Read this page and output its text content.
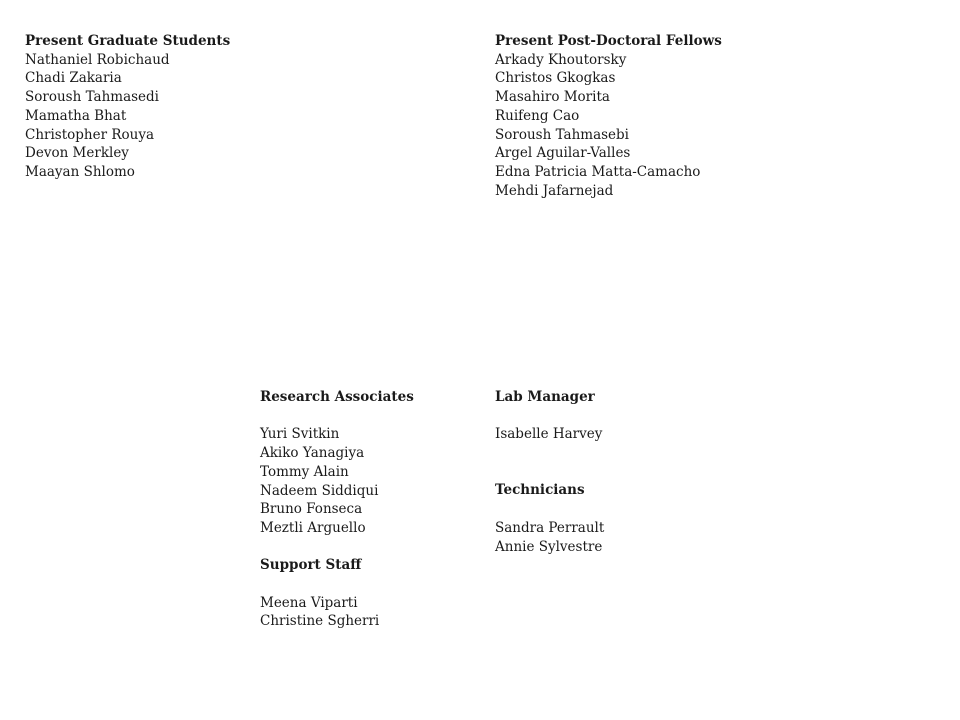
Present Graduate Students
Nathaniel Robichaud
Chadi Zakaria
Soroush Tahmasedi
Mamatha Bhat
Christopher Rouya
Devon Merkley
Maayan Shlomo
Present Post-Doctoral Fellows
Arkady Khoutorsky
Christos Gkogkas
Masahiro Morita
Ruifeng Cao
Soroush Tahmasebi
Argel Aguilar-Valles
Edna Patricia Matta-Camacho
Mehdi Jafarnejad
Research Associates
Yuri Svitkin
Akiko Yanagiya
Tommy Alain
Nadeem Siddiqui
Bruno Fonseca
Meztli Arguello
Support Staff
Meena Viparti
Christine Sgherri
Lab Manager
Isabelle Harvey
Technicians
Sandra Perrault
Annie Sylvestre
